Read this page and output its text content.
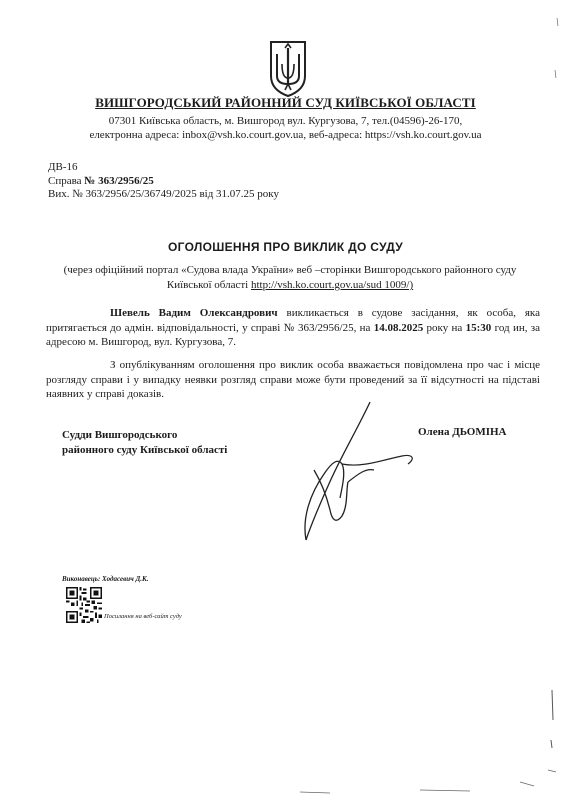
ВИШГОРОДСЬКИЙ РАЙОННИЙ СУД КИЇВСЬКОЇ ОБЛАСТІ
07301 Київська область, м. Вишгород вул. Кургузова, 7, тел.(04596)-26-170,
електронна адреса: inbox@vsh.ko.court.gov.ua, веб-адреса: https://vsh.ko.court.gov.ua
ДВ-16
Справа № 363/2956/25
Вих. № 363/2956/25/36749/2025 від 31.07.25 року
ОГОЛОШЕННЯ ПРО ВИКЛИК ДО СУДУ
(через офіційний портал «Судова влада України» веб –сторінки Вишгородського районного суду Київської області http://vsh.ko.court.gov.ua/sud 1009/)
Шевель Вадим Олександрович викликається в судове засідання, як особа, яка притягається до адмін. відповідальності, у справі № 363/2956/25, на 14.08.2025 року на 15:30 год ин, за адресою м. Вишгород, вул. Кургузова, 7.
З опублікуванням оголошення про виклик особа вважається повідомлена про час і місце розгляду справи і у випадку неявки розгляд справи може бути проведений за її відсутності на підставі наявних у справі доказів.
Судди Вишгородського
районного суду Київської області
Олена ДЬОМІНА
Виконавець: Ходасевич Д.К.
Посилання на веб-сайт суду
